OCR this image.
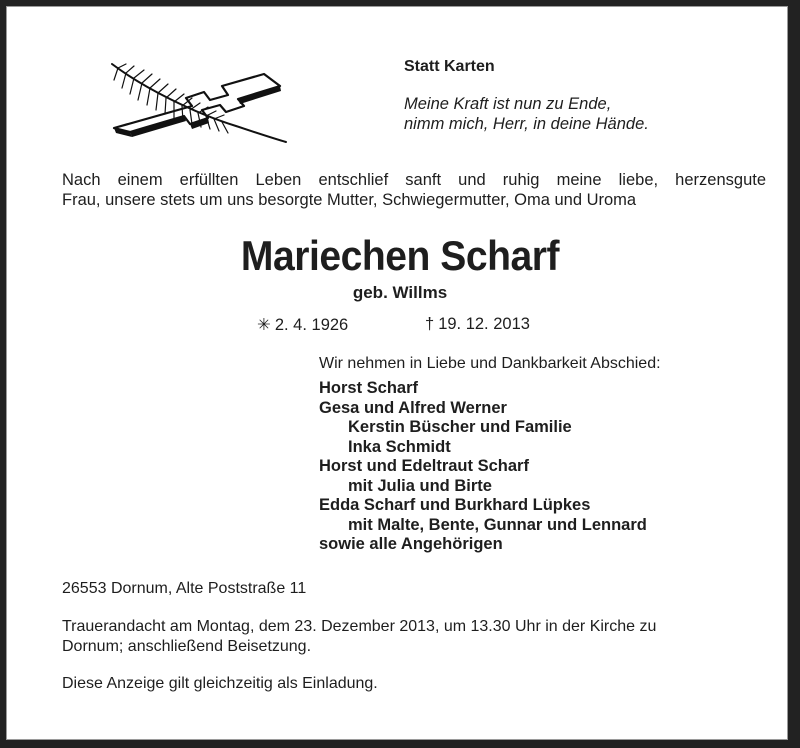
Statt Karten
Meine Kraft ist nun zu Ende,
nimm mich, Herr, in deine Hände.
Nach einem erfüllten Leben entschlief sanft und ruhig meine liebe, herzensgute
Frau, unsere stets um uns besorgte Mutter, Schwiegermutter, Oma und Uroma
Mariechen Scharf
geb. Willms
✳ 2. 4. 1926	† 19. 12. 2013
Wir nehmen in Liebe und Dankbarkeit Abschied:
Horst Scharf
Gesa und Alfred Werner
Kerstin Büscher und Familie
Inka Schmidt
Horst und Edeltraut Scharf
mit Julia und Birte
Edda Scharf und Burkhard Lüpkes
mit Malte, Bente, Gunnar und Lennard
sowie alle Angehörigen
26553 Dornum, Alte Poststraße 11
Trauerandacht am Montag, dem 23. Dezember 2013, um 13.30 Uhr in der Kirche zu
Dornum; anschließend Beisetzung.
Diese Anzeige gilt gleichzeitig als Einladung.
